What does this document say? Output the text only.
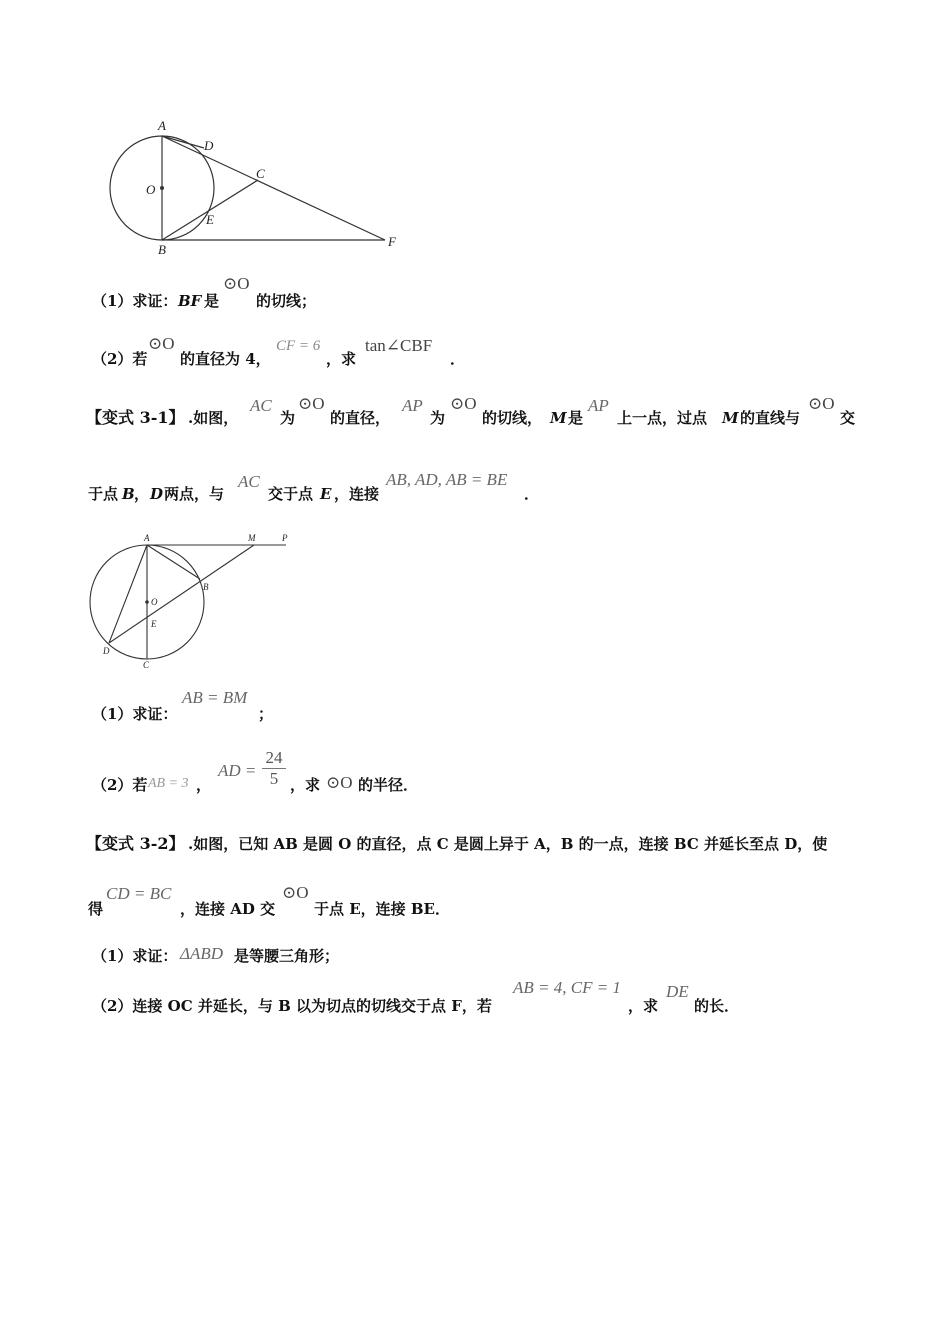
A
D
C
O
E
B
F
（1）求证： BF 是
⊙O
的切线；
（2）若
⊙O
的直径为 4，
CF = 6
，求
tan∠CBF
．
【变式 3-1】 .如图，
AC
为
⊙O
的直径，
AP
为
⊙O
的切线， M 是
AP
上一点，过点 M 的直线与
⊙O
交
于点 B ， D 两点，与
AC
交于点 E ，连接
AB, AD, AB = BE
．
A	M	P
O
B
E
D
C
（1）求证：
AB = BM
；
（2）若 AB = 3 ，
AD = $\frac{24}{5}$ ，求 ⊙O 的半径．
【变式 3-2】 .如图，已知 AB 是圆 O 的直径，点 C 是圆上异于 A，B 的一点，连接 BC 并延长至点 D，使
得
CD = BC
，连接 AD 交
⊙O
于点 E，连接 BE．
（1）求证： ΔABD 是等腰三角形；
（2）连接 OC 并延长，与 B 以为切点的切线交于点 F，若
AB = 4, CF = 1
，求
DE
的长．
